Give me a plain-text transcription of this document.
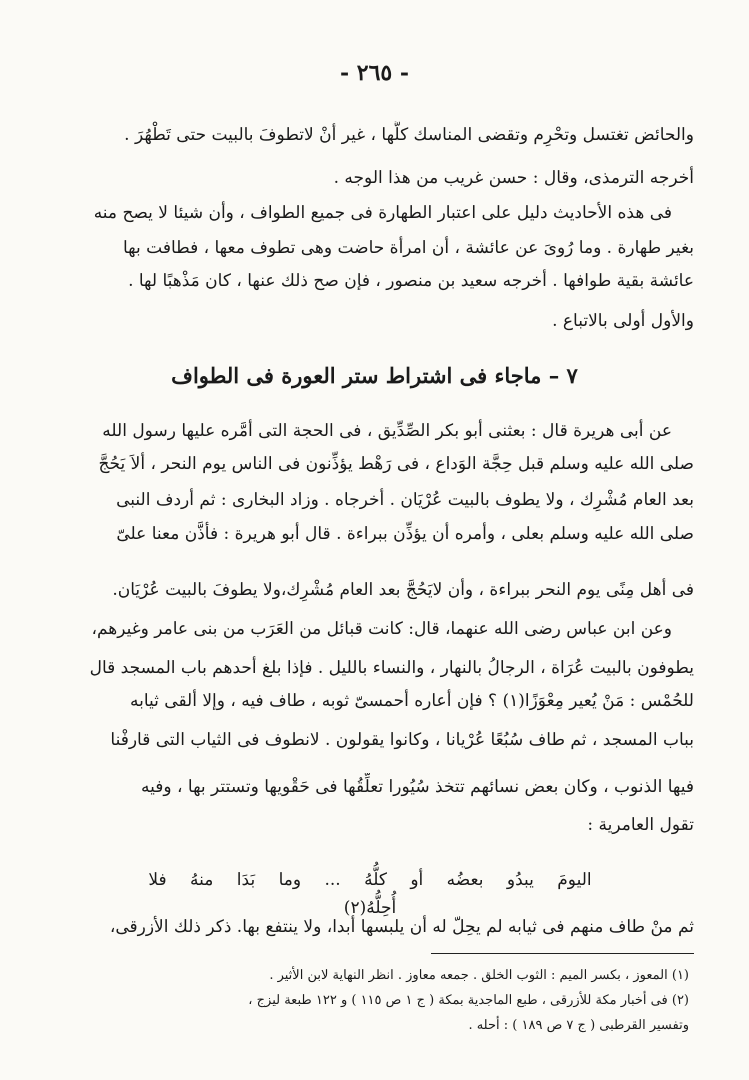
- ٢٦٥ -
والحائض تغتسل وتحْرِم وتقضى المناسك كلَّها ، غير أنْ لاتطوفَ بالبيت حتى تَطْهُرَ .
أخرجه الترمذى، وقال : حسن غريب من هذا الوجه .
فى هذه الأحاديث دليل على اعتبار الطهارة فى جميع الطواف ، وأن شيئا لا يصح منه
بغير طهارة . وما رُوىَ عن عائشة ، أن امرأة حاضت وهى تطوف معها ، فطافت بها
عائشة بقية طوافها . أخرجه سعيد بن منصور ، فإن صح ذلك عنها ، كان مَذْهبًا لها .
والأول أولى بالاتباع .
٧ – ماجاء فى اشتراط ستر العورة فى الطواف
عن أبى هريرة قال : بعثنى أبو بكر الصِّدِّيق ، فى الحجة التى أمَّره عليها رسول الله
صلى الله عليه وسلم قبل حِجَّة الوَداع ، فى رَهْط يؤذِّنون فى الناس يوم النحر ، ألاَ يَحُجَّ
بعد العام مُشْرِك ، ولا يطوف بالبيت عُرْيَان . أخرجاه . وزاد البخارى : ثم أردف النبى
صلى الله عليه وسلم بعلى ، وأمره أن يؤذِّن ببراءة . قال أبو هريرة : فأذَّن معنا علىّ
فى أهل مِنًى يوم النحر ببراءة ، وأن لايَحُجَّ بعد العام مُشْرِك،ولا يطوفَ بالبيت عُرْيَان.
وعن ابن عباس رضى الله عنهما، قال: كانت قبائل من العَرَب من بنى عامر وغيرهم،
يطوفون بالبيت عُرَاة ، الرجالُ بالنهار ، والنساء بالليل . فإذا بلغ أحدهم باب المسجد قال
للحُمْس : مَنْ يُعير مِعْوَزًا(١) ؟ فإن أعاره أحمسىّ ثوبه ، طاف فيه ، وإلا ألقى ثيابه
بباب المسجد ، ثم طاف سُبُعًا عُرْيانا ، وكانوا يقولون . لانطوف فى الثياب التى قارفْنا
فيها الذنوب ، وكان بعض نسائهم تتخذ سُيُورا تعلِّقُها فى حَقْويها وتستتر بها ، وفيه
تقول العامرية :
اليومَ يبدُو بعضُه أو كلُّهُ ... وما بَدَا منهُ فلا أُحِلُّهُ(٢)
ثم منْ طاف منهم فى ثيابه لم يحِلّ له أن يلبسها أبدا، ولا ينتفع بها. ذكر ذلك الأزرقى،
(١) المعوز ، بكسر الميم : الثوب الخلق . جمعه معاوز . انظر النهاية لابن الأثير .
(٢) فى أخبار مكة للأزرقى ، طبع الماجدية بمكة ( ج ١ ص ١١٥ ) و ١٢٢ طبعة ليزج ،
وتفسير القرطبى ( ج ٧ ص ١٨٩ ) : أحله .
